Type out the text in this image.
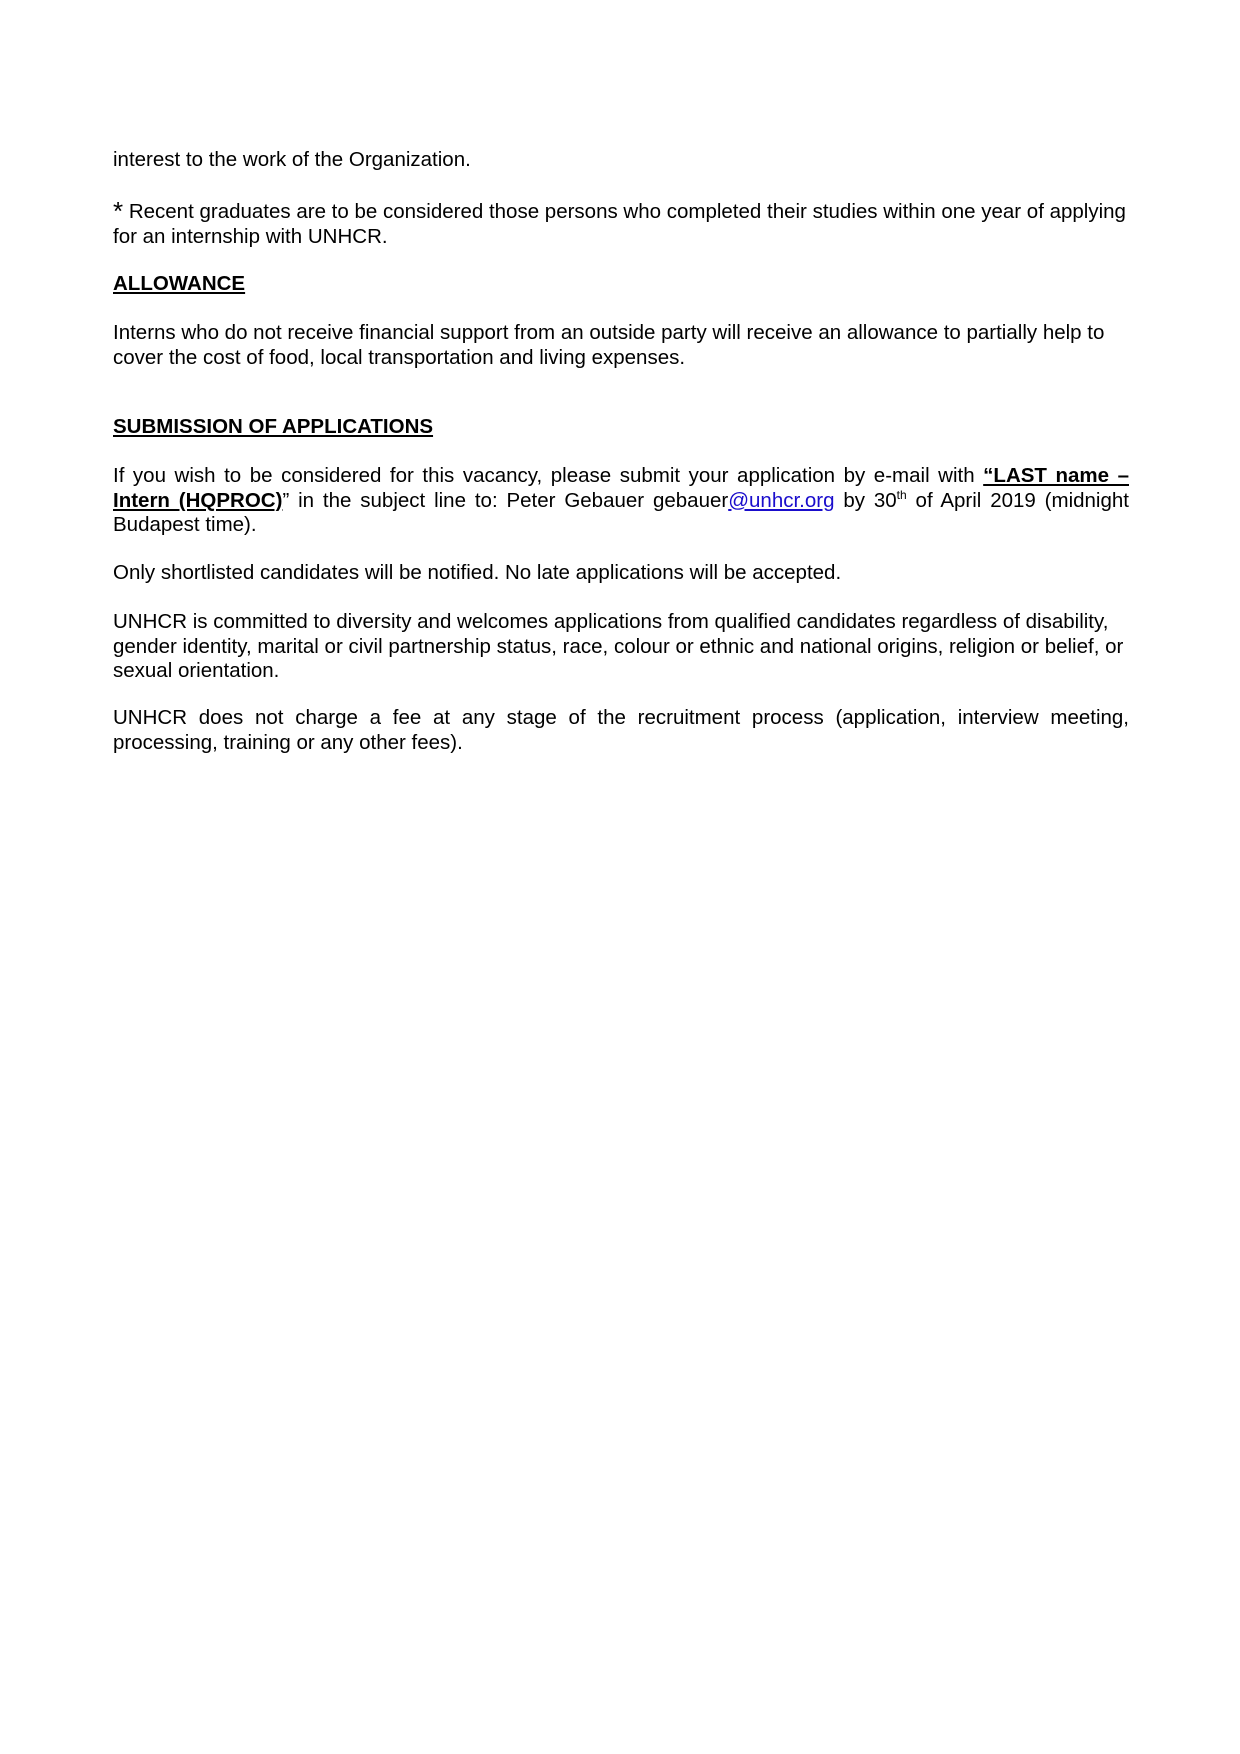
interest to the work of the Organization.

* Recent graduates are to be considered those persons who completed their studies within one year of applying for an internship with UNHCR.

ALLOWANCE

Interns who do not receive financial support from an outside party will receive an allowance to partially help to cover the cost of food, local transportation and living expenses.

SUBMISSION OF APPLICATIONS

If you wish to be considered for this vacancy, please submit your application by e-mail with “LAST name – Intern (HQPROC)” in the subject line to: Peter Gebauer gebauer@unhcr.org by 30th of April 2019 (midnight Budapest time).

Only shortlisted candidates will be notified. No late applications will be accepted.

UNHCR is committed to diversity and welcomes applications from qualified candidates regardless of disability, gender identity, marital or civil partnership status, race, colour or ethnic and national origins, religion or belief, or sexual orientation.

UNHCR does not charge a fee at any stage of the recruitment process (application, interview meeting, processing, training or any other fees).
